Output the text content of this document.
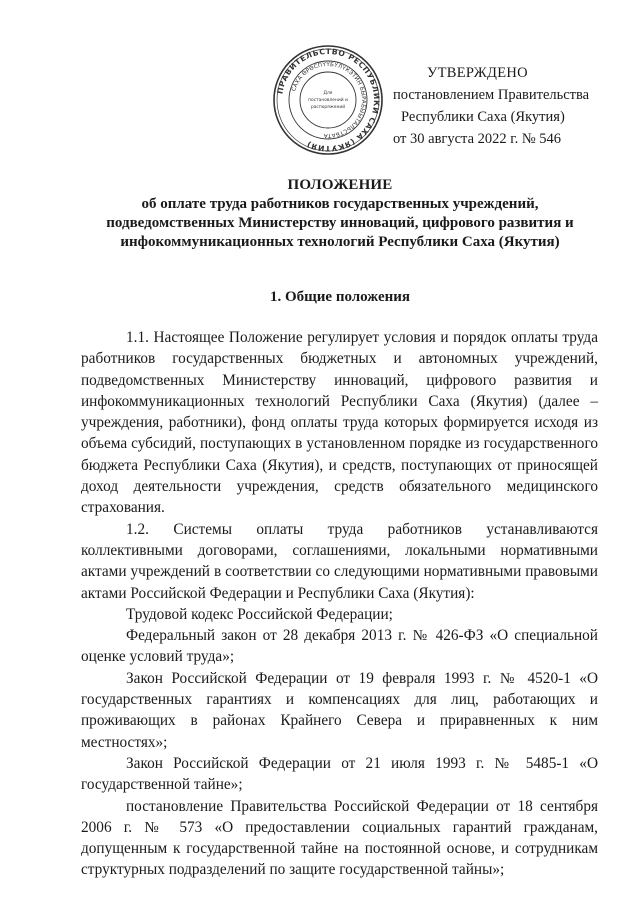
ПРАВИТЕЛЬСТВО РЕСПУБЛИКИ САХА (ЯКУТИЯ)
САХА ӨРӨСПҮҮБҮЛҮКЭТИН БЫРАБЫЫТАЛЬСТБАТА
Для
постановлений и
распоряжений
УТВЕРЖДЕНО
постановлением Правительства
Республики Саха (Якутия)
от 30 августа 2022 г. № 546
ПОЛОЖЕНИЕ
об оплате труда работников государственных учреждений,
подведомственных Министерству инноваций, цифрового развития и
инфокоммуникационных технологий Республики Саха (Якутия)
1. Общие положения

1.1. Настоящее Положение регулирует условия и порядок оплаты труда работников государственных бюджетных и автономных учреждений, подведомственных Министерству инноваций, цифрового развития и инфокоммуникационных технологий Республики Саха (Якутия) (далее – учреждения, работники), фонд оплаты труда которых формируется исходя из объема субсидий, поступающих в установленном порядке из государственного бюджета Республики Саха (Якутия), и средств, поступающих от приносящей доход деятельности учреждения, средств обязательного медицинского страхования.

1.2. Системы оплаты труда работников устанавливаются коллективными договорами, соглашениями, локальными нормативными актами учреждений в соответствии со следующими нормативными правовыми актами Российской Федерации и Республики Саха (Якутия):

Трудовой кодекс Российской Федерации;

Федеральный закон от 28 декабря 2013 г. № 426-ФЗ «О специальной оценке условий труда»;

Закон Российской Федерации от 19 февраля 1993 г. № 4520-1 «О государственных гарантиях и компенсациях для лиц, работающих и проживающих в районах Крайнего Севера и приравненных к ним местностях»;

Закон Российской Федерации от 21 июля 1993 г. № 5485-1 «О государственной тайне»;

постановление Правительства Российской Федерации от 18 сентября 2006 г. № 573 «О предоставлении социальных гарантий гражданам, допущенным к государственной тайне на постоянной основе, и сотрудникам структурных подразделений по защите государственной тайны»;
